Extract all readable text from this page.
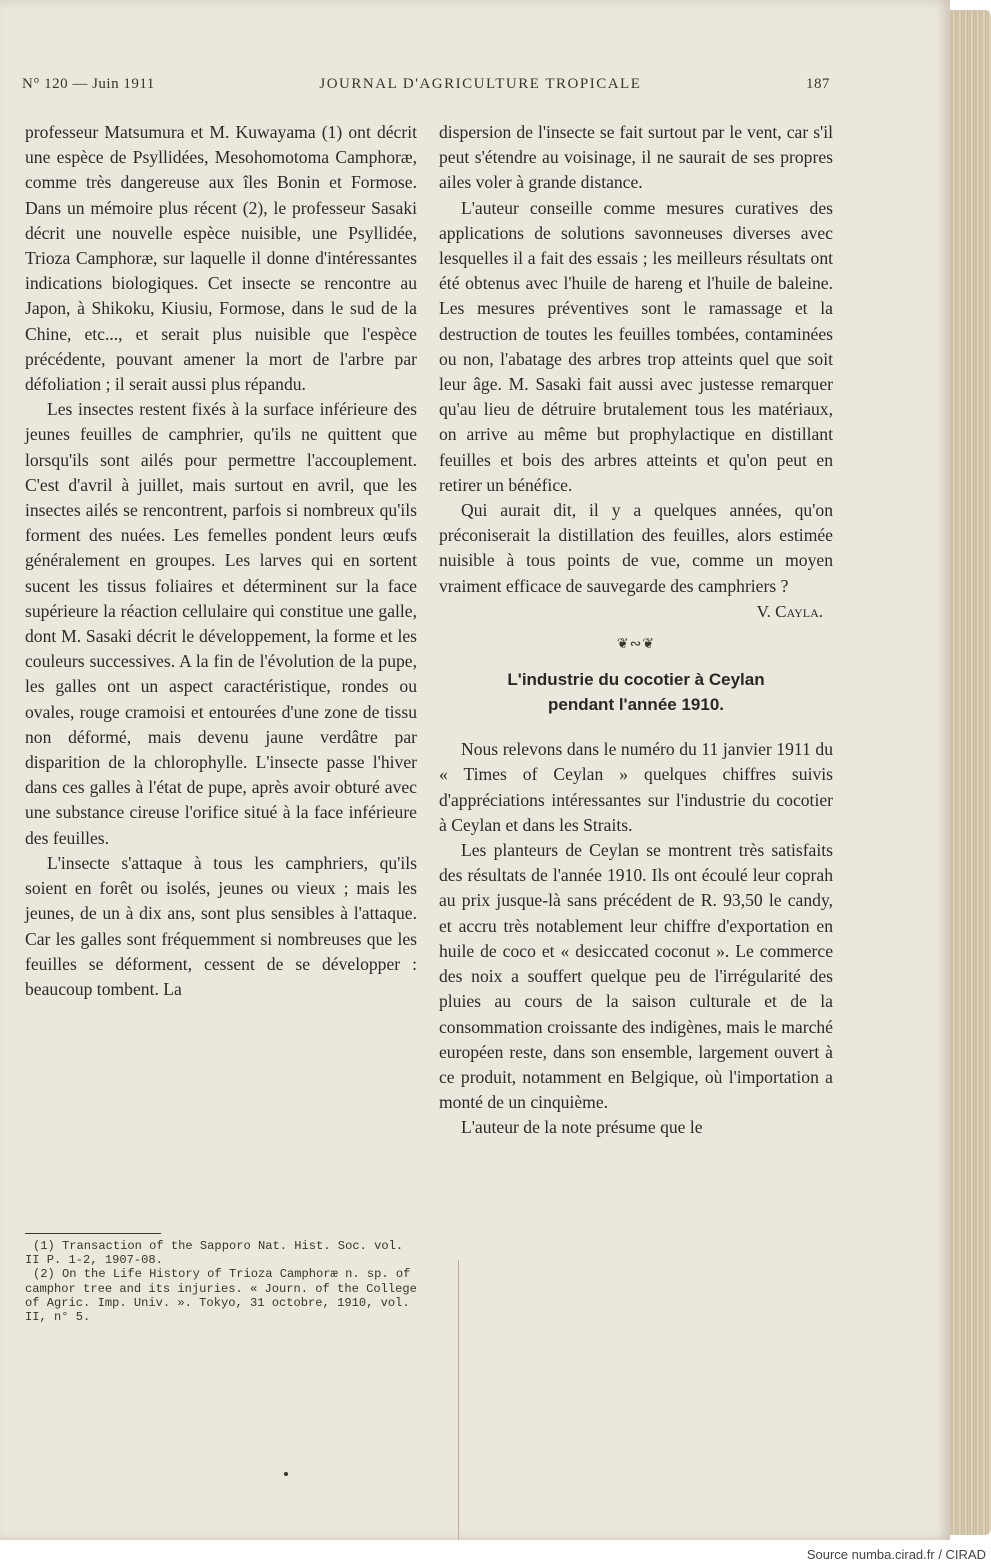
N° 120 — Juin 1911	JOURNAL D'AGRICULTURE TROPICALE	187

professeur Matsumura et M. Kuwayama (1) ont décrit une espèce de Psyllidées, Mesohomotoma Camphoræ, comme très dangereuse aux îles Bonin et Formose. Dans un mémoire plus récent (2), le professeur Sasaki décrit une nouvelle espèce nuisible, une Psyllidée, Trioza Camphoræ, sur laquelle il donne d'intéressantes indications biologiques. Cet insecte se rencontre au Japon, à Shikoku, Kiusiu, Formose, dans le sud de la Chine, etc..., et serait plus nuisible que l'espèce précédente, pouvant amener la mort de l'arbre par défoliation ; il serait aussi plus répandu.

Les insectes restent fixés à la surface inférieure des jeunes feuilles de camphrier, qu'ils ne quittent que lorsqu'ils sont ailés pour permettre l'accouplement. C'est d'avril à juillet, mais surtout en avril, que les insectes ailés se rencontrent, parfois si nombreux qu'ils forment des nuées. Les femelles pondent leurs œufs généralement en groupes. Les larves qui en sortent sucent les tissus foliaires et déterminent sur la face supérieure la réaction cellulaire qui constitue une galle, dont M. Sasaki décrit le développement, la forme et les couleurs successives. A la fin de l'évolution de la pupe, les galles ont un aspect caractéristique, rondes ou ovales, rouge cramoisi et entourées d'une zone de tissu non déformé, mais devenu jaune verdâtre par disparition de la chlorophylle. L'insecte passe l'hiver dans ces galles à l'état de pupe, après avoir obturé avec une substance cireuse l'orifice situé à la face inférieure des feuilles.

L'insecte s'attaque à tous les camphriers, qu'ils soient en forêt ou isolés, jeunes ou vieux ; mais les jeunes, de un à dix ans, sont plus sensibles à l'attaque. Car les galles sont fréquemment si nombreuses que les feuilles se déforment, cessent de se développer : beaucoup tombent. La

(1) Transaction of the Sapporo Nat. Hist. Soc. vol. II P. 1-2, 1907-08.

(2) On the Life History of Trioza Camphoræ n. sp. of camphor tree and its injuries. « Journ. of the College of Agric. Imp. Univ. ». Tokyo, 31 octobre, 1910, vol. II, n° 5.

dispersion de l'insecte se fait surtout par le vent, car s'il peut s'étendre au voisinage, il ne saurait de ses propres ailes voler à grande distance.

L'auteur conseille comme mesures curatives des applications de solutions savonneuses diverses avec lesquelles il a fait des essais ; les meilleurs résultats ont été obtenus avec l'huile de hareng et l'huile de baleine. Les mesures préventives sont le ramassage et la destruction de toutes les feuilles tombées, contaminées ou non, l'abatage des arbres trop atteints quel que soit leur âge. M. Sasaki fait aussi avec justesse remarquer qu'au lieu de détruire brutalement tous les matériaux, on arrive au même but prophylactique en distillant feuilles et bois des arbres atteints et qu'on peut en retirer un bénéfice.

Qui aurait dit, il y a quelques années, qu'on préconiserait la distillation des feuilles, alors estimée nuisible à tous points de vue, comme un moyen vraiment efficace de sauvegarde des camphriers ?

V. Cayla.

❦∾❦
L'industrie du cocotier à Ceylan
pendant l'année 1910.

Nous relevons dans le numéro du 11 janvier 1911 du « Times of Ceylan » quelques chiffres suivis d'appréciations intéressantes sur l'industrie du cocotier à Ceylan et dans les Straits.

Les planteurs de Ceylan se montrent très satisfaits des résultats de l'année 1910. Ils ont écoulé leur coprah au prix jusque-là sans précédent de R. 93,50 le candy, et accru très notablement leur chiffre d'exportation en huile de coco et « desiccated coconut ». Le commerce des noix a souffert quelque peu de l'irrégularité des pluies au cours de la saison culturale et de la consommation croissante des indigènes, mais le marché européen reste, dans son ensemble, largement ouvert à ce produit, notamment en Belgique, où l'importation a monté de un cinquième.

L'auteur de la note présume que le

Source numba.cirad.fr / CIRAD
